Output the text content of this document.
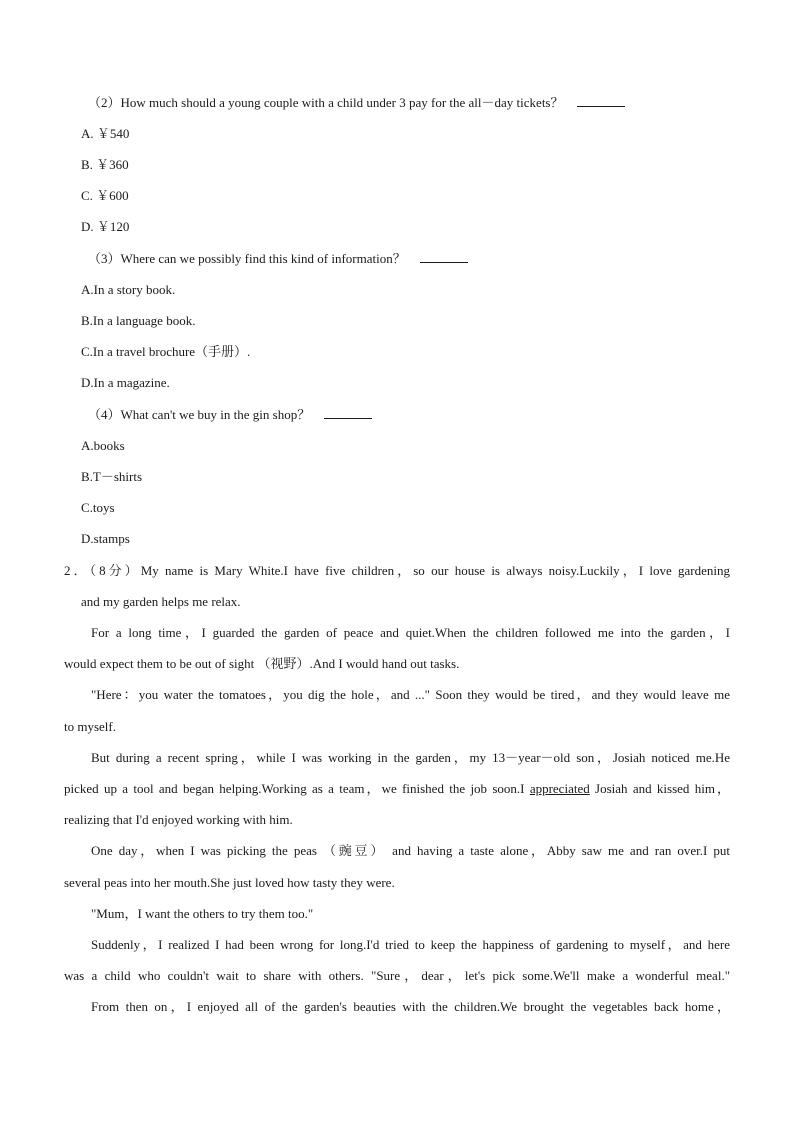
（2）How much should a young couple with a child under 3 pay for the all－day tickets？
A. ￥540
B. ￥360
C. ￥600
D. ￥120
（3）Where can we possibly find this kind of information？
A.In a story book.
B.In a language book.
C.In a travel brochure（手册）.
D.In a magazine.
（4）What can't we buy in the gin shop？
A.books
B.T－shirts
C.toys
D.stamps
2．（8分）My name is Mary White.I have five children，so our house is always noisy.Luckily，I love gardening
and my garden helps me relax.
For a long time，I guarded the garden of peace and quiet.When the children followed me into the garden，I
would expect them to be out of sight （视野）.And I would hand out tasks.
"Here：you water the tomatoes，you dig the hole，and ..." Soon they would be tired，and they would leave me
to myself.
But during a recent spring，while I was working in the garden，my 13－year－old son，Josiah noticed me.He
picked up a tool and began helping.Working as a team，we finished the job soon.I appreciated Josiah and kissed him，
realizing that I'd enjoyed working with him.
One day，when I was picking the peas （豌豆） and having a taste alone，Abby saw me and ran over.I put
several peas into her mouth.She just loved how tasty they were.
"Mum，I want the others to try them too."
Suddenly，I realized I had been wrong for long.I'd tried to keep the happiness of gardening to myself，and here
was a child who couldn't wait to share with others. "Sure，dear，let's pick some.We'll make a wonderful meal."
From then on，I enjoyed all of the garden's beauties with the children.We brought the vegetables back home，
